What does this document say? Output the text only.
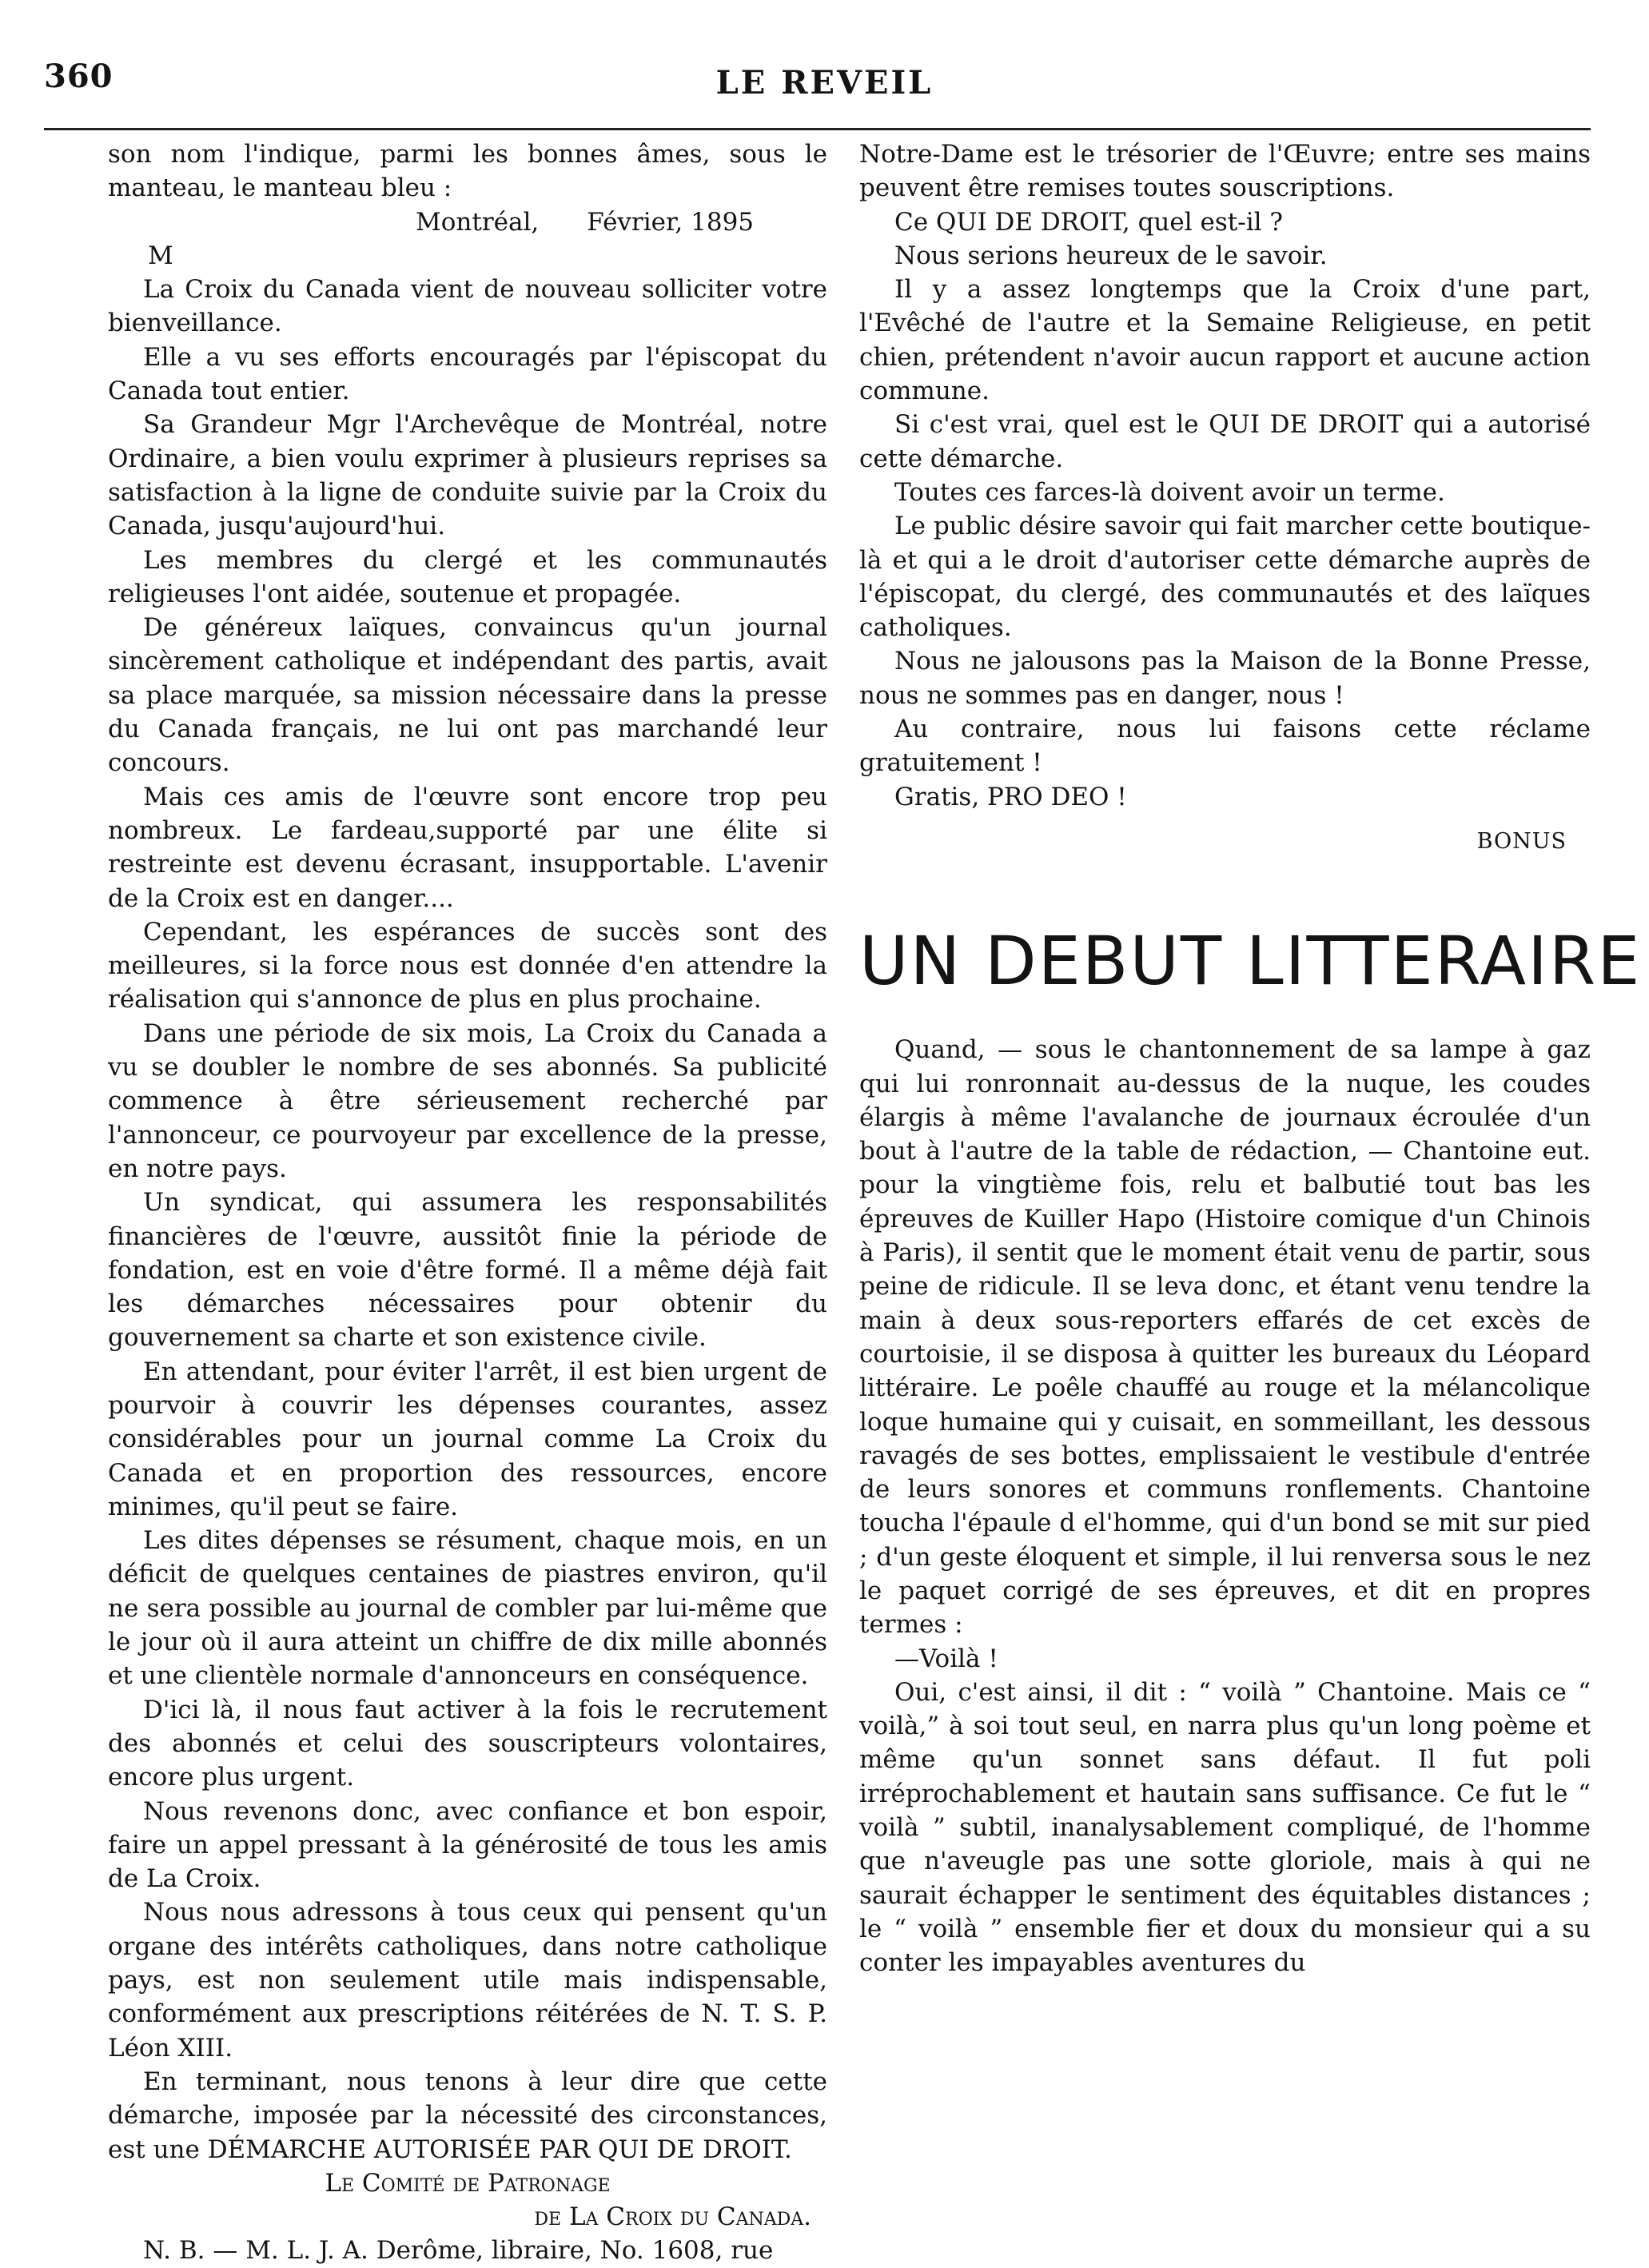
360	LE REVEIL

son nom l'indique, parmi les bonnes âmes, sous le manteau, le manteau bleu :

Montréal, Février, 1895

M

La Croix du Canada vient de nouveau solliciter votre bienveillance.

Elle a vu ses efforts encouragés par l'épiscopat du Canada tout entier.

Sa Grandeur Mgr l'Archevêque de Montréal, notre Ordinaire, a bien voulu exprimer à plusieurs reprises sa satisfaction à la ligne de conduite suivie par la Croix du Canada, jusqu'aujourd'hui.

Les membres du clergé et les communautés religieuses l'ont aidée, soutenue et propagée.

De généreux laïques, convaincus qu'un journal sincèrement catholique et indépendant des partis, avait sa place marquée, sa mission nécessaire dans la presse du Canada français, ne lui ont pas marchandé leur concours.

Mais ces amis de l'œuvre sont encore trop peu nombreux. Le fardeau,supporté par une élite si restreinte est devenu écrasant, insupportable. L'avenir de la Croix est en danger....

Cependant, les espérances de succès sont des meilleures, si la force nous est donnée d'en attendre la réalisation qui s'annonce de plus en plus prochaine.

Dans une période de six mois, La Croix du Canada a vu se doubler le nombre de ses abonnés. Sa publicité commence à être sérieusement recherché par l'annonceur, ce pourvoyeur par excellence de la presse, en notre pays.

Un syndicat, qui assumera les responsabilités financières de l'œuvre, aussitôt finie la période de fondation, est en voie d'être formé. Il a même déjà fait les démarches nécessaires pour obtenir du gouvernement sa charte et son existence civile.

En attendant, pour éviter l'arrêt, il est bien urgent de pourvoir à couvrir les dépenses courantes, assez considérables pour un journal comme La Croix du Canada et en proportion des ressources, encore minimes, qu'il peut se faire.

Les dites dépenses se résument, chaque mois, en un déficit de quelques centaines de piastres environ, qu'il ne sera possible au journal de combler par lui-même que le jour où il aura atteint un chiffre de dix mille abonnés et une clientèle normale d'annonceurs en conséquence.

D'ici là, il nous faut activer à la fois le recrutement des abonnés et celui des souscripteurs volontaires, encore plus urgent.

Nous revenons donc, avec confiance et bon espoir, faire un appel pressant à la générosité de tous les amis de La Croix.

Nous nous adressons à tous ceux qui pensent qu'un organe des intérêts catholiques, dans notre catholique pays, est non seulement utile mais indispensable, conformément aux prescriptions réitérées de N. T. S. P. Léon XIII.

En terminant, nous tenons à leur dire que cette démarche, imposée par la nécessité des circonstances, est une DÉMARCHE AUTORISÉE PAR QUI DE DROIT.

Le Comité de Patronage

de La Croix du Canada.

N. B. — M. L. J. A. Derôme, libraire, No. 1608, rue

Notre-Dame est le trésorier de l'Œuvre; entre ses mains peuvent être remises toutes souscriptions.

Ce QUI DE DROIT, quel est-il ?

Nous serions heureux de le savoir.

Il y a assez longtemps que la Croix d'une part, l'Evêché de l'autre et la Semaine Religieuse, en petit chien, prétendent n'avoir aucun rapport et aucune action commune.

Si c'est vrai, quel est le QUI DE DROIT qui a autorisé cette démarche.

Toutes ces farces-là doivent avoir un terme.

Le public désire savoir qui fait marcher cette boutique-là et qui a le droit d'autoriser cette démarche auprès de l'épiscopat, du clergé, des communautés et des laïques catholiques.

Nous ne jalousons pas la Maison de la Bonne Presse, nous ne sommes pas en danger, nous !

Au contraire, nous lui faisons cette réclame gratuitement !

Gratis, PRO DEO !

BONUS

UN DEBUT LITTERAIRE

Quand, — sous le chantonnement de sa lampe à gaz qui lui ronronnait au-dessus de la nuque, les coudes élargis à même l'avalanche de journaux écroulée d'un bout à l'autre de la table de rédaction, — Chantoine eut. pour la vingtième fois, relu et balbutié tout bas les épreuves de Kuiller Hapo (Histoire comique d'un Chinois à Paris), il sentit que le moment était venu de partir, sous peine de ridicule. Il se leva donc, et étant venu tendre la main à deux sous-reporters effarés de cet excès de courtoisie, il se disposa à quitter les bureaux du Léopard littéraire. Le poêle chauffé au rouge et la mélancolique loque humaine qui y cuisait, en sommeillant, les dessous ravagés de ses bottes, emplissaient le vestibule d'entrée de leurs sonores et communs ronflements. Chantoine toucha l'épaule d el'homme, qui d'un bond se mit sur pied ; d'un geste éloquent et simple, il lui renversa sous le nez le paquet corrigé de ses épreuves, et dit en propres termes :

—Voilà !

Oui, c'est ainsi, il dit : “ voilà ” Chantoine. Mais ce “ voilà,” à soi tout seul, en narra plus qu'un long poème et même qu'un sonnet sans défaut. Il fut poli irréprochablement et hautain sans suffisance. Ce fut le “ voilà ” subtil, inanalysablement compliqué, de l'homme que n'aveugle pas une sotte gloriole, mais à qui ne saurait échapper le sentiment des équitables distances ; le “ voilà ” ensemble fier et doux du monsieur qui a su conter les impayables aventures du
